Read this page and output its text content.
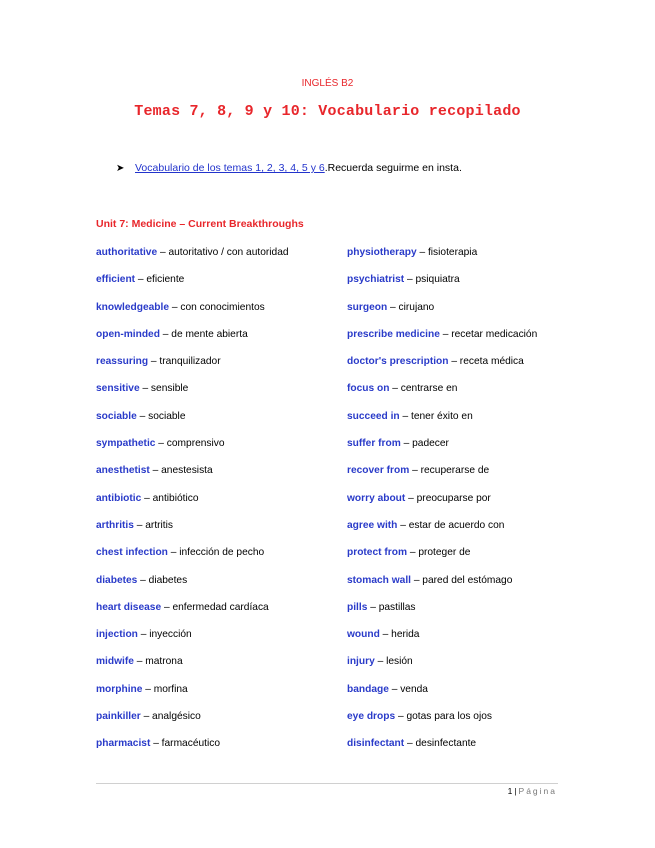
INGLÉS B2
Temas 7, 8, 9 y 10: Vocabulario recopilado
➤ Vocabulario de los temas 1, 2, 3, 4, 5 y 6.Recuerda seguirme en insta.
Unit 7: Medicine – Current Breakthroughs
authoritative – autoritativo / con autoridad
efficient – eficiente
knowledgeable – con conocimientos
open-minded – de mente abierta
reassuring – tranquilizador
sensitive – sensible
sociable – sociable
sympathetic – comprensivo
anesthetist – anestesista
antibiotic – antibiótico
arthritis – artritis
chest infection – infección de pecho
diabetes – diabetes
heart disease – enfermedad cardíaca
injection – inyección
midwife – matrona
morphine – morfina
painkiller – analgésico
pharmacist – farmacéutico
physiotherapy – fisioterapia
psychiatrist – psiquiatra
surgeon – cirujano
prescribe medicine – recetar medicación
doctor's prescription – receta médica
focus on – centrarse en
succeed in – tener éxito en
suffer from – padecer
recover from – recuperarse de
worry about – preocuparse por
agree with – estar de acuerdo con
protect from – proteger de
stomach wall – pared del estómago
pills – pastillas
wound – herida
injury – lesión
bandage – venda
eye drops – gotas para los ojos
disinfectant – desinfectante
1 | Página
